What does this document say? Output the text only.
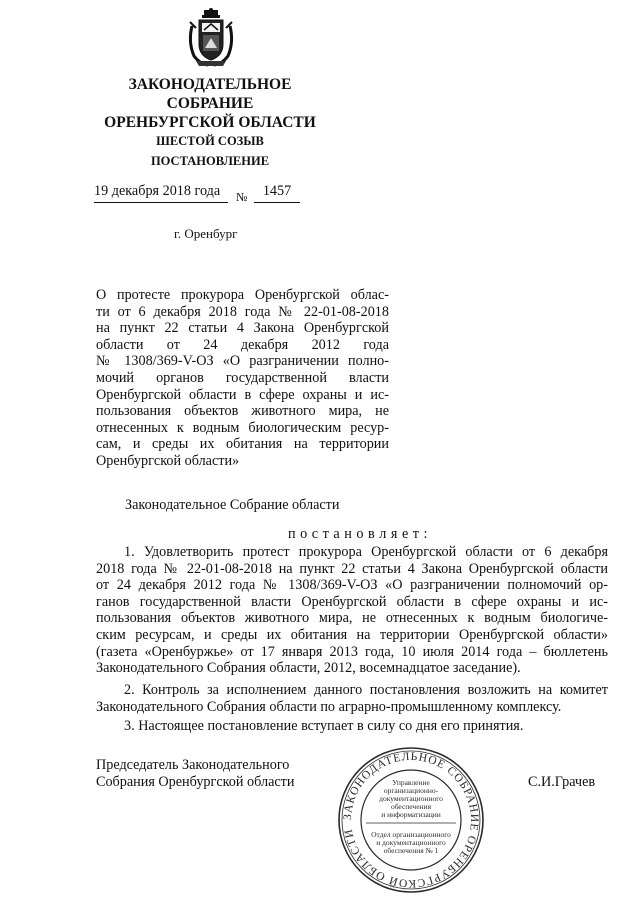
ЗАКОНОДАТЕЛЬНОЕ
СОБРАНИЕ
ОРЕНБУРГСКОЙ ОБЛАСТИ
ШЕСТОЙ СОЗЫВ
ПОСТАНОВЛЕНИЕ
19 декабря 2018 года №	1457
г. Оренбург
О протесте прокурора Оренбургской облас-
ти от 6 декабря 2018 года № 22-01-08-2018
на пункт 22 статьи 4 Закона Оренбургской
области от 24 декабря 2012 года
№ 1308/369-V-ОЗ «О разграничении полно-
мочий органов государственной власти
Оренбургской области в сфере охраны и ис-
пользования объектов животного мира, не
отнесенных к водным биологическим ресур-
сам, и среды их обитания на территории
Оренбургской области»
Законодательное Собрание области
п о с т а н о в л я е т :
1. Удовлетворить протест прокурора Оренбургской области от 6 декабря
2018 года № 22-01-08-2018 на пункт 22 статьи 4 Закона Оренбургской области
от 24 декабря 2012 года № 1308/369-V-ОЗ «О разграничении полномочий ор-
ганов государственной власти Оренбургской области в сфере охраны и ис-
пользования объектов животного мира, не отнесенных к водным биологиче-
ским ресурсам, и среды их обитания на территории Оренбургской области»
(газета «Оренбуржье» от 17 января 2013 года, 10 июля 2014 года – бюллетень
Законодательного Собрания области, 2012, восемнадцатое заседание).
2. Контроль за исполнением данного постановления возложить на комитет
Законодательного Собрания области по аграрно-промышленному комплексу.
3. Настоящее постановление вступает в силу со дня его принятия.
Председатель Законодательного
Собрания Оренбургской области	С.И.Грачев
ЗАКОНОДАТЕЛЬНОЕ СОБРАНИЕ ОРЕНБУРГСКОЙ ОБЛАСТИ
Управление
организационно-
документационного
обеспечения
и информатизации
Отдел организационного
и документационного
обеспечения № 1
